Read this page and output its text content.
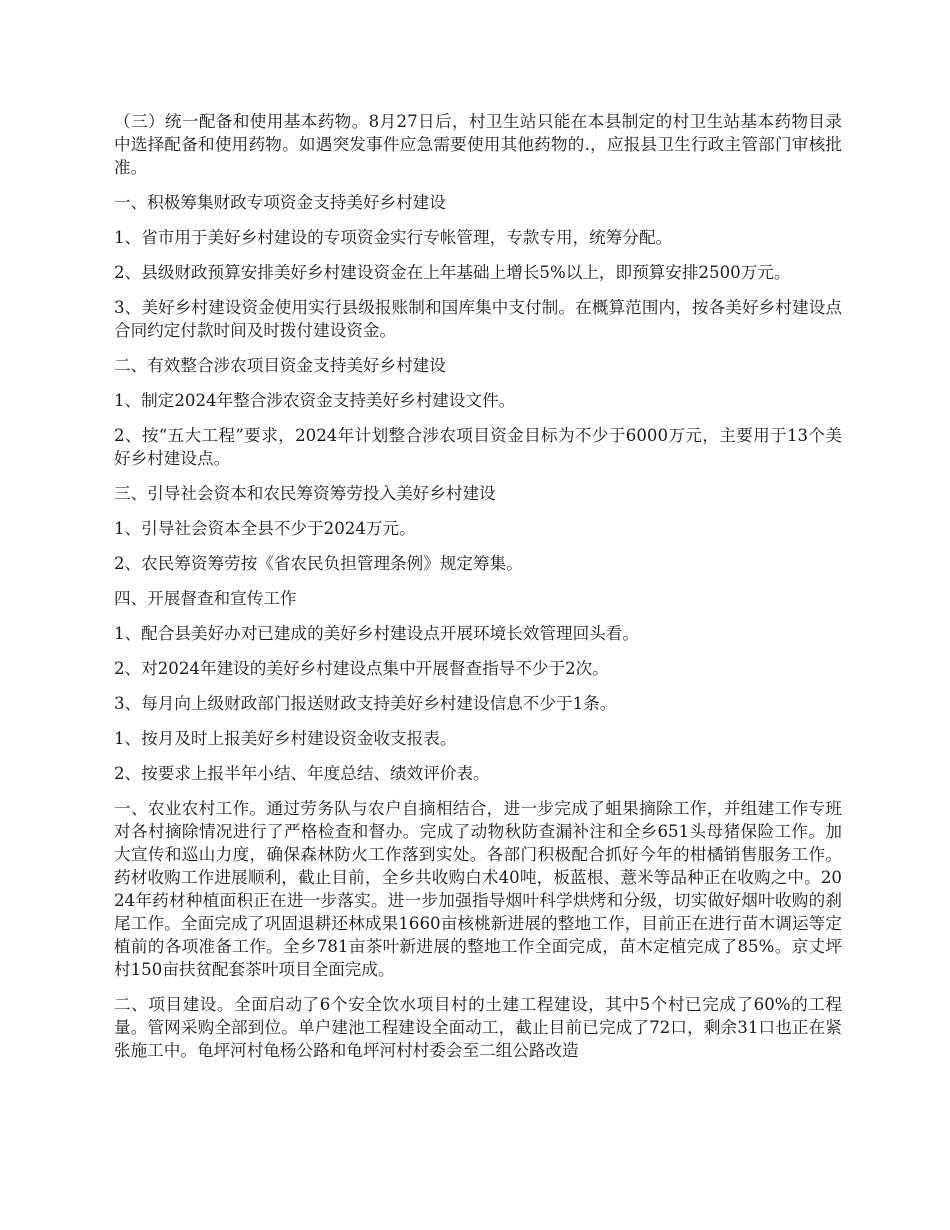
（三）统一配备和使用基本药物。8月27日后，村卫生站只能在本县制定的村卫生站基本药物目录中选择配备和使用药物。如遇突发事件应急需要使用其他药物的.，应报县卫生行政主管部门审核批准。

一、积极筹集财政专项资金支持美好乡村建设

1、省市用于美好乡村建设的专项资金实行专帐管理，专款专用，统筹分配。

2、县级财政预算安排美好乡村建设资金在上年基础上增长5%以上，即预算安排2500万元。

3、美好乡村建设资金使用实行县级报账制和国库集中支付制。在概算范围内，按各美好乡村建设点合同约定付款时间及时拨付建设资金。

二、有效整合涉农项目资金支持美好乡村建设

1、制定2024年整合涉农资金支持美好乡村建设文件。

2、按“五大工程”要求，2024年计划整合涉农项目资金目标为不少于6000万元，主要用于13个美好乡村建设点。

三、引导社会资本和农民筹资筹劳投入美好乡村建设

1、引导社会资本全县不少于2024万元。

2、农民筹资筹劳按《省农民负担管理条例》规定筹集。

四、开展督查和宣传工作

1、配合县美好办对已建成的美好乡村建设点开展环境长效管理回头看。

2、对2024年建设的美好乡村建设点集中开展督查指导不少于2次。

3、每月向上级财政部门报送财政支持美好乡村建设信息不少于1条。

1、按月及时上报美好乡村建设资金收支报表。

2、按要求上报半年小结、年度总结、绩效评价表。

一、农业农村工作。通过劳务队与农户自摘相结合，进一步完成了蛆果摘除工作，并组建工作专班对各村摘除情况进行了严格检查和督办。完成了动物秋防查漏补注和全乡651头母猪保险工作。加大宣传和巡山力度，确保森林防火工作落到实处。各部门积极配合抓好今年的柑橘销售服务工作。药材收购工作进展顺利，截止目前，全乡共收购白术40吨，板蓝根、薏米等品种正在收购之中。2024年药材种植面积正在进一步落实。进一步加强指导烟叶科学烘烤和分级，切实做好烟叶收购的刹尾工作。全面完成了巩固退耕还林成果1660亩核桃新进展的整地工作，目前正在进行苗木调运等定植前的各项准备工作。全乡781亩茶叶新进展的整地工作全面完成，苗木定植完成了85%。京丈坪村150亩扶贫配套茶叶项目全面完成。

二、项目建设。全面启动了6个安全饮水项目村的土建工程建设，其中5个村已完成了60%的工程量。管网采购全部到位。单户建池工程建设全面动工，截止目前已完成了72口，剩余31口也正在紧张施工中。龟坪河村龟杨公路和龟坪河村村委会至二组公路改造
